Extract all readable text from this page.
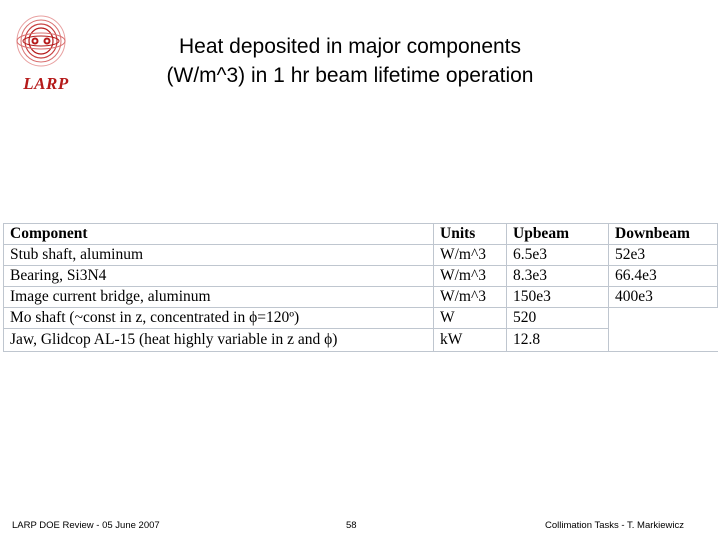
LARP
Heat deposited in major components
(W/m^3) in 1 hr beam lifetime operation
Component	Units	Upbeam	Downbeam
Stub shaft, aluminum	W/m^3	6.5e3	52e3
Bearing, Si3N4	W/m^3	8.3e3	66.4e3
Image current bridge, aluminum	W/m^3	150e3	400e3
Mo shaft (~const in z, concentrated in ϕ=120º)	W	520	
Jaw, Glidcop AL-15 (heat highly variable in z and ϕ)	kW	12.8	
LARP DOE Review - 05 June 2007	58	Collimation Tasks - T. Markiewicz
